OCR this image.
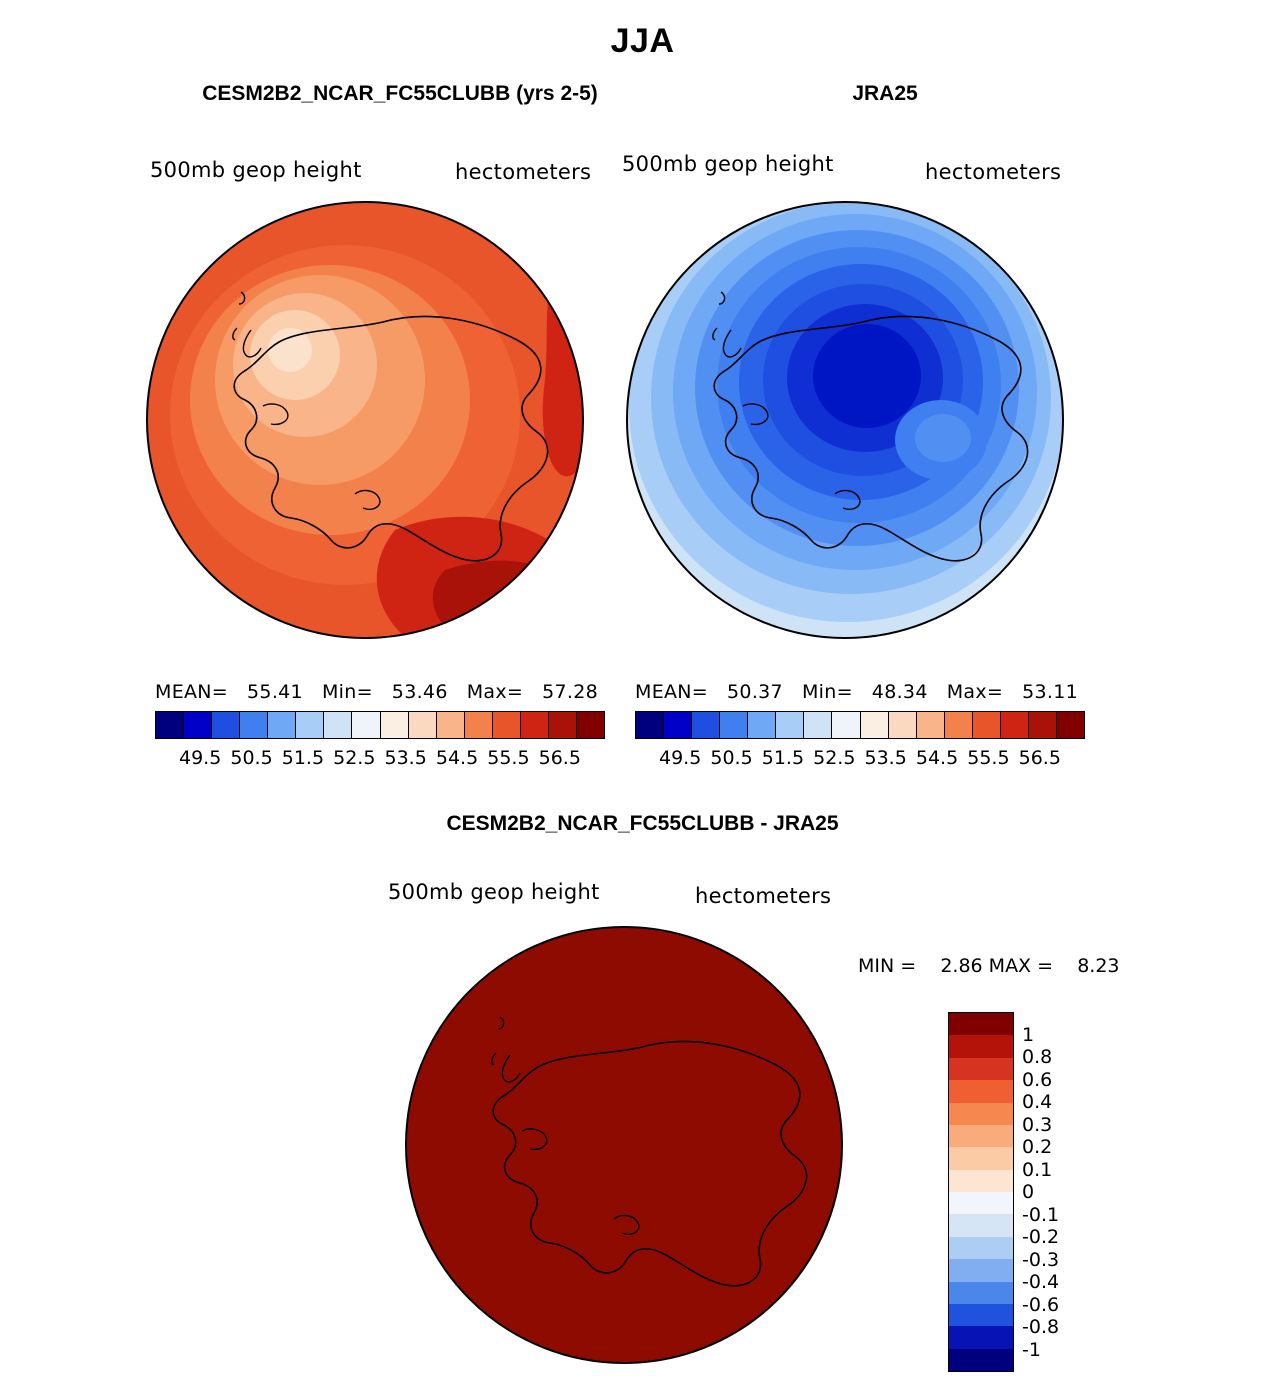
JJA
CESM2B2_NCAR_FC55CLUBB (yrs 2-5)
500mb geop height	hectometers
MEAN=   55.41   Min=   53.46   Max=   57.28
49.5 50.5 51.5 52.5 53.5 54.5 55.5 56.5
JRA25
500mb geop height	hectometers
MEAN=   50.37   Min=   48.34   Max=   53.11
49.5 50.5 51.5 52.5 53.5 54.5 55.5 56.5
CESM2B2_NCAR_FC55CLUBB - JRA25
500mb geop height	hectometers
MIN =    2.86 MAX =    8.23
1
0.8
0.6
0.4
0.3
0.2
0.1
0
-0.1
-0.2
-0.3
-0.4
-0.6
-0.8
-1
